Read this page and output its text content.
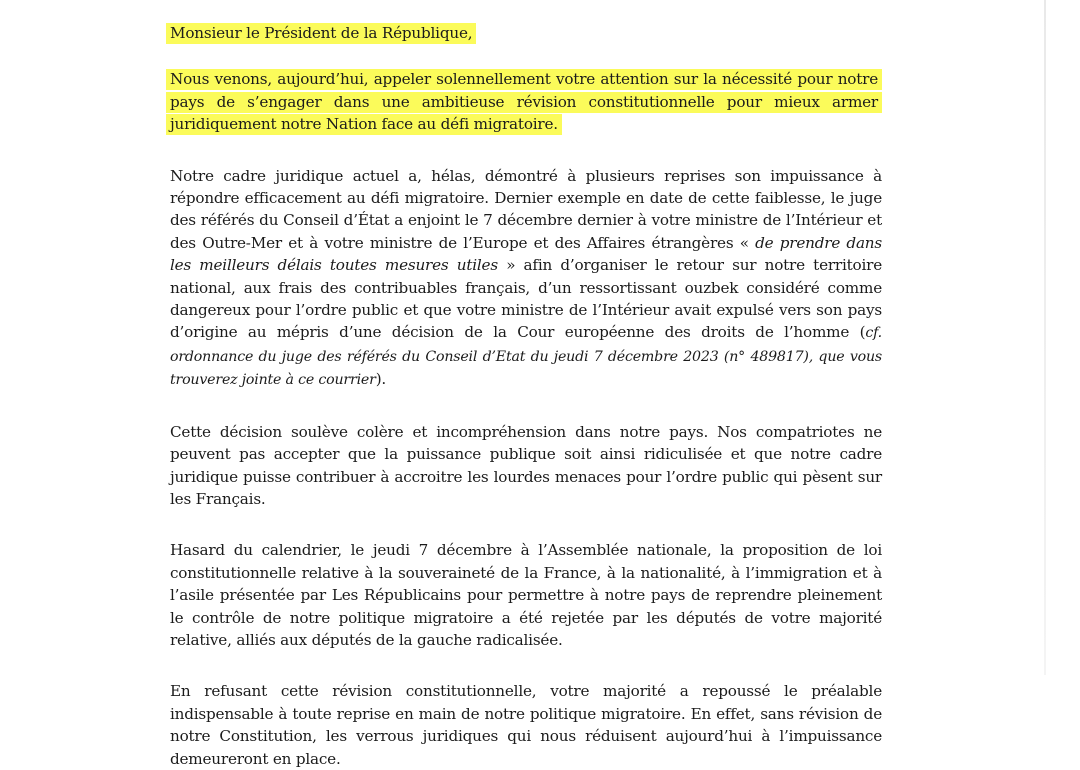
Monsieur le Président de la République,

Nous venons, aujourd’hui, appeler solennellement votre attention sur la nécessité pour notre pays de s’engager dans une ambitieuse révision constitutionnelle pour mieux armer juridiquement notre Nation face au défi migratoire.

Notre cadre juridique actuel a, hélas, démontré à plusieurs reprises son impuissance à répondre efficacement au défi migratoire. Dernier exemple en date de cette faiblesse, le juge des référés du Conseil d’État a enjoint le 7 décembre dernier à votre ministre de l’Intérieur et des Outre-Mer et à votre ministre de l’Europe et des Affaires étrangères « de prendre dans les meilleurs délais toutes mesures utiles » afin d’organiser le retour sur notre territoire national, aux frais des contribuables français, d’un ressortissant ouzbek considéré comme dangereux pour l’ordre public et que votre ministre de l’Intérieur avait expulsé vers son pays d’origine au mépris d’une décision de la Cour européenne des droits de l’homme (cf. ordonnance du juge des référés du Conseil d’Etat du jeudi 7 décembre 2023 (n° 489817), que vous trouverez jointe à ce courrier).

Cette décision soulève colère et incompréhension dans notre pays. Nos compatriotes ne peuvent pas accepter que la puissance publique soit ainsi ridiculisée et que notre cadre juridique puisse contribuer à accroitre les lourdes menaces pour l’ordre public qui pèsent sur les Français.

Hasard du calendrier, le jeudi 7 décembre à l’Assemblée nationale, la proposition de loi constitutionnelle relative à la souveraineté de la France, à la nationalité, à l’immigration et à l’asile présentée par Les Républicains pour permettre à notre pays de reprendre pleinement le contrôle de notre politique migratoire a été rejetée par les députés de votre majorité relative, alliés aux députés de la gauche radicalisée.

En refusant cette révision constitutionnelle, votre majorité a repoussé le préalable indispensable à toute reprise en main de notre politique migratoire. En effet, sans révision de notre Constitution, les verrous juridiques qui nous réduisent aujourd’hui à l’impuissance demeureront en place.
